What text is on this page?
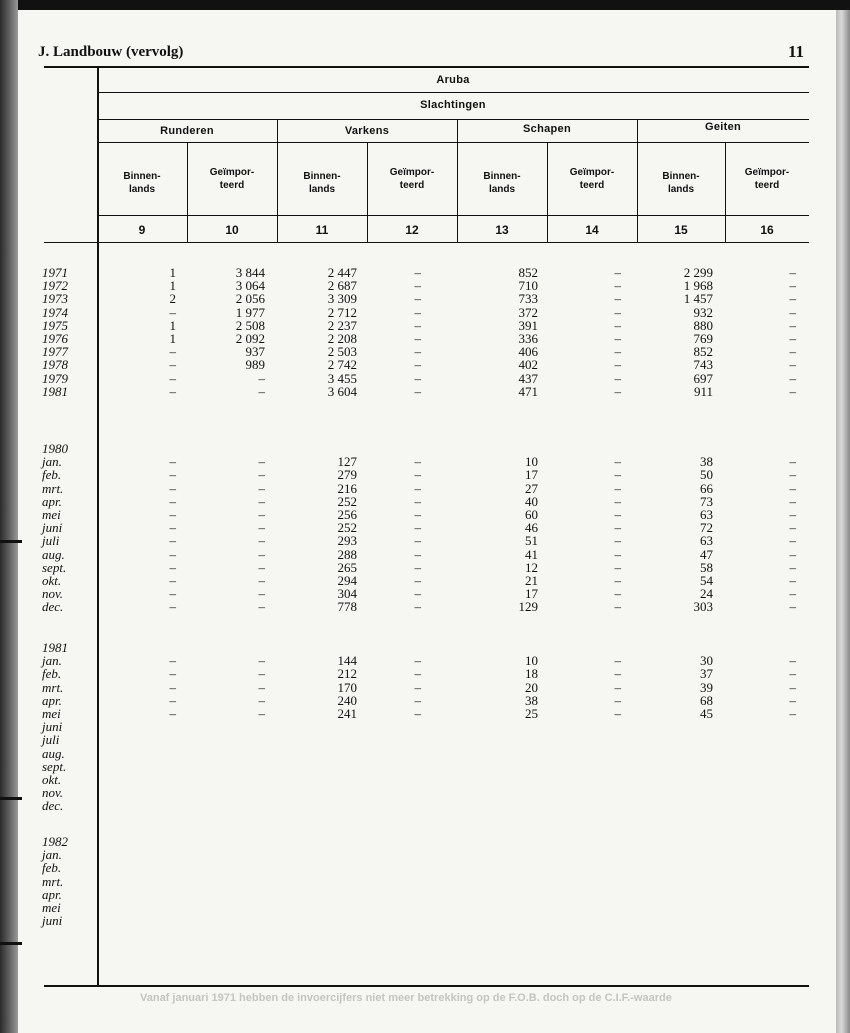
J. Landbouw (vervolg)	11
Aruba
Slachtingen
Runderen	Varkens	Schapen	Geiten
Binnen-
lands
Geïmpor-
teerd
Binnen-
lands
Geïmpor-
teerd
Binnen-
lands
Geïmpor-
teerd
Binnen-
lands
Geïmpor-
teerd
9	10	11	12	13	14	15	16
1971	1	3 844	2 447	–	852	–	2 299	–
1972	1	3 064	2 687	–	710	–	1 968	–
1973	2	2 056	3 309	–	733	–	1 457	–
1974	–	1 977	2 712	–	372	–	932	–
1975	1	2 508	2 237	–	391	–	880	–
1976	1	2 092	2 208	–	336	–	769	–
1977	–	937	2 503	–	406	–	852	–
1978	–	989	2 742	–	402	–	743	–
1979	–	–	3 455	–	437	–	697	–
1981	–	–	3 604	–	471	–	911	–
1980
jan.	–	–	127	–	10	–	38	–
feb.	–	–	279	–	17	–	50	–
mrt.	–	–	216	–	27	–	66	–
apr.	–	–	252	–	40	–	73	–
mei	–	–	256	–	60	–	63	–
juni	–	–	252	–	46	–	72	–
juli	–	–	293	–	51	–	63	–
aug.	–	–	288	–	41	–	47	–
sept.	–	–	265	–	12	–	58	–
okt.	–	–	294	–	21	–	54	–
nov.	–	–	304	–	17	–	24	–
dec.	–	–	778	–	129	–	303	–
1981
jan.	–	–	144	–	10	–	30	–
feb.	–	–	212	–	18	–	37	–
mrt.	–	–	170	–	20	–	39	–
apr.	–	–	240	–	38	–	68	–
mei	–	–	241	–	25	–	45	–
juni
juli
aug.
sept.
okt.
nov.
dec.
1982
jan.
feb.
mrt.
apr.
mei
juni
Vanaf januari 1971 hebben de invoercijfers niet meer betrekking op de F.O.B. doch op de C.I.F.-waarde
